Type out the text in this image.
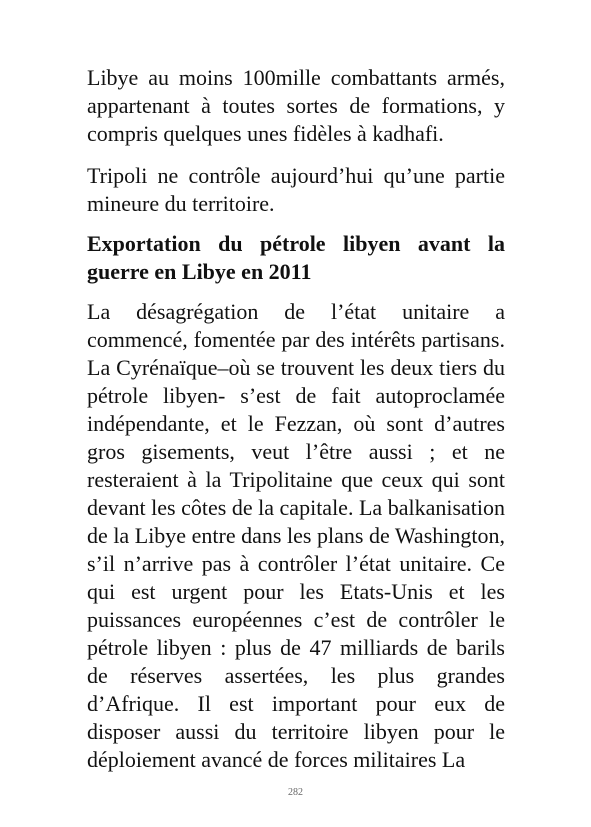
Libye au moins 100mille combattants armés, appartenant à toutes sortes de formations, y compris quelques unes fidèles à kadhafi.

Tripoli ne contrôle aujourd’hui qu’une partie mineure du territoire.

Exportation du pétrole libyen avant la guerre en Libye en 2011

La désagrégation de l’état unitaire a commencé, fomentée par des intérêts partisans. La Cyrénaïque–où se trouvent les deux tiers du pétrole libyen- s’est de fait autoproclamée indépendante, et le Fezzan, où sont d’autres gros gisements, veut l’être aussi ; et ne resteraient à la Tripolitaine que ceux qui sont devant les côtes de la capitale. La balkanisation de la Libye entre dans les plans de Washington, s’il n’arrive pas à contrôler l’état unitaire. Ce qui est urgent pour les Etats-Unis et les puissances européennes c’est de contrôler le pétrole libyen : plus de 47 milliards de barils de réserves assertées, les plus grandes d’Afrique. Il est important pour eux de disposer aussi du territoire libyen pour le déploiement avancé de forces militaires La

282
